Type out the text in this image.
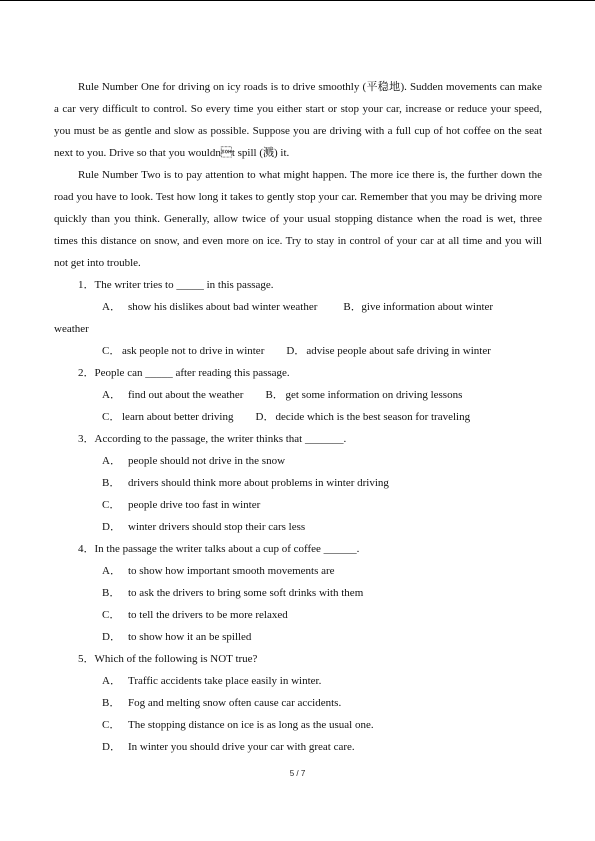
Rule Number One for driving on icy roads is to drive smoothly (平稳地). Sudden movements can make a car very difficult to control. So every time you either start or stop your car, increase or reduce your speed, you must be as gentle and slow as possible. Suppose you are driving with a full cup of hot coffee on the seat next to you. Drive so that you wouldnt spill (溅) it.

Rule Number Two is to pay attention to what might happen. The more ice there is, the further down the road you have to look. Test how long it takes to gently stop your car. Remember that you may be driving more quickly than you think. Generally, allow twice of your usual stopping distance when the road is wet, three times this distance on snow, and even more on ice. Try to stay in control of your car at all time and you will not get into trouble.

1．The writer tries to _____ in this passage.
A． show his dislikes about bad winter weather B．give information about winter
weather
C． ask people not to drive in winter D．advise people about safe driving in winter
2．People can _____ after reading this passage.
A． find out about the weather B． get some information on driving lessons
C． learn about better driving D．decide which is the best season for traveling
3．According to the passage, the writer thinks that _______.
A． people should not drive in the snow
B． drivers should think more about problems in winter driving
C． people drive too fast in winter
D． winter drivers should stop their cars less
4．In the passage the writer talks about a cup of coffee ______.
A． to show how important smooth movements are
B． to ask the drivers to bring some soft drinks with them
C． to tell the drivers to be more relaxed
D． to show how it an be spilled
5．Which of the following is NOT true?
A． Traffic accidents take place easily in winter.
B． Fog and melting snow often cause car accidents.
C． The stopping distance on ice is as long as the usual one.
D． In winter you should drive your car with great care.
5 / 7
